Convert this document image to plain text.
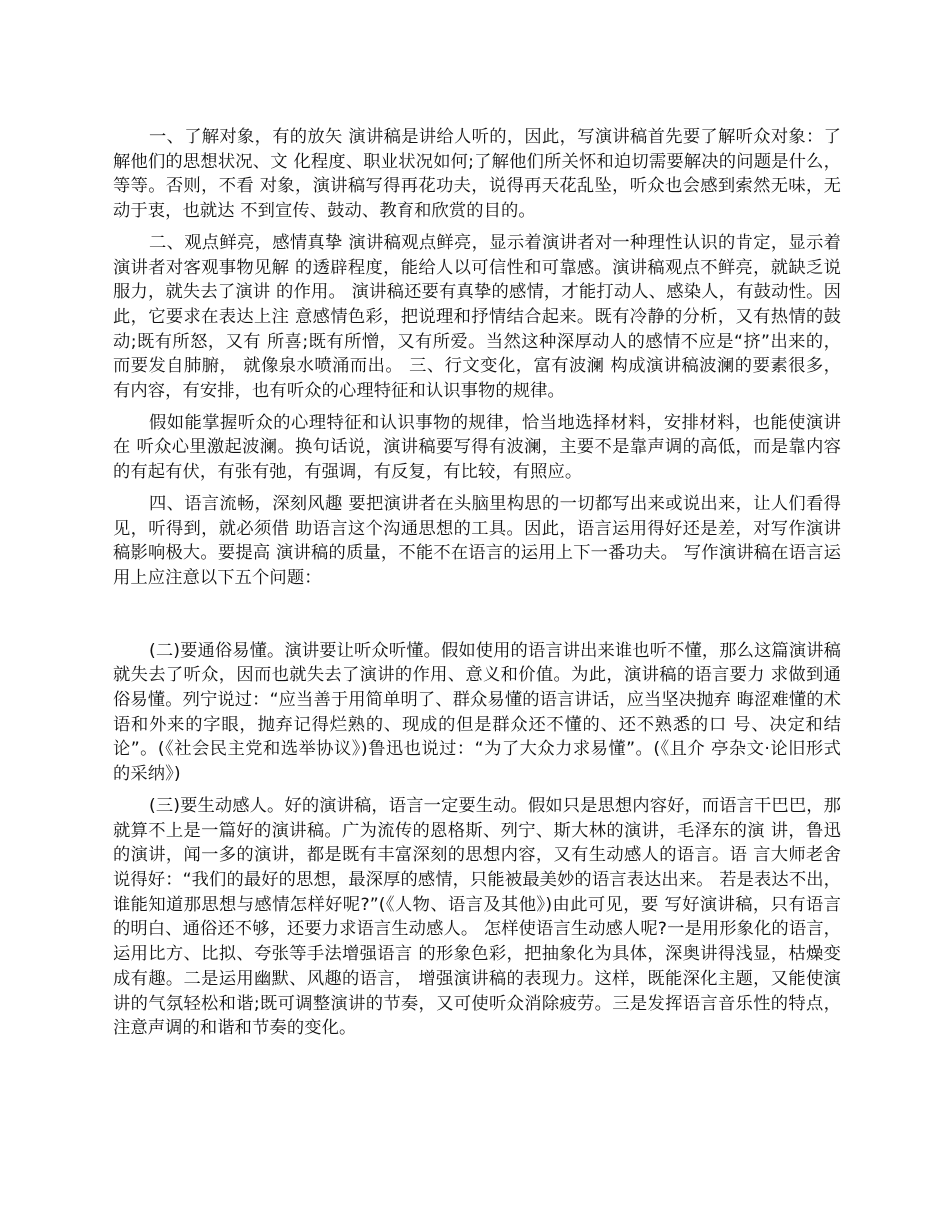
一、了解对象，有的放矢 演讲稿是讲给人听的，因此，写演讲稿首先要了解听众对象：了解他们的思想状况、文 化程度、职业状况如何;了解他们所关怀和迫切需要解决的问题是什么，等等。否则，不看 对象，演讲稿写得再花功夫，说得再天花乱坠，听众也会感到索然无味，无动于衷，也就达 不到宣传、鼓动、教育和欣赏的目的。

二、观点鲜亮，感情真挚 演讲稿观点鲜亮，显示着演讲者对一种理性认识的肯定，显示着演讲者对客观事物见解 的透辟程度，能给人以可信性和可靠感。演讲稿观点不鲜亮，就缺乏说服力，就失去了演讲 的作用。 演讲稿还要有真挚的感情，才能打动人、感染人，有鼓动性。因此，它要求在表达上注 意感情色彩，把说理和抒情结合起来。既有冷静的分析，又有热情的鼓动;既有所怒，又有 所喜;既有所憎，又有所爱。当然这种深厚动人的感情不应是“挤”出来的，而要发自肺腑， 就像泉水喷涌而出。 三、行文变化，富有波澜 构成演讲稿波澜的要素很多，有内容，有安排，也有听众的心理特征和认识事物的规律。

假如能掌握听众的心理特征和认识事物的规律，恰当地选择材料，安排材料，也能使演讲在 听众心里激起波澜。换句话说，演讲稿要写得有波澜，主要不是靠声调的高低，而是靠内容 的有起有伏，有张有弛，有强调，有反复，有比较，有照应。

四、语言流畅，深刻风趣 要把演讲者在头脑里构思的一切都写出来或说出来，让人们看得见，听得到，就必须借 助语言这个沟通思想的工具。因此，语言运用得好还是差，对写作演讲稿影响极大。要提高 演讲稿的质量，不能不在语言的运用上下一番功夫。 写作演讲稿在语言运用上应注意以下五个问题：

(二)要通俗易懂。演讲要让听众听懂。假如使用的语言讲出来谁也听不懂，那么这篇演讲稿就失去了听众，因而也就失去了演讲的作用、意义和价值。为此，演讲稿的语言要力 求做到通俗易懂。列宁说过：“应当善于用简单明了、群众易懂的语言讲话，应当坚决抛弃 晦涩难懂的术语和外来的字眼，抛弃记得烂熟的、现成的但是群众还不懂的、还不熟悉的口 号、决定和结论”。(《社会民主党和选举协议》)鲁迅也说过：“为了大众力求易懂”。(《且介 亭杂文·论旧形式的采纳》)

(三)要生动感人。好的演讲稿，语言一定要生动。假如只是思想内容好，而语言干巴巴，那就算不上是一篇好的演讲稿。广为流传的恩格斯、列宁、斯大林的演讲，毛泽东的演 讲，鲁迅的演讲，闻一多的演讲，都是既有丰富深刻的思想内容，又有生动感人的语言。语 言大师老舍说得好：“我们的最好的思想，最深厚的感情，只能被最美妙的语言表达出来。 若是表达不出，谁能知道那思想与感情怎样好呢?”(《人物、语言及其他》)由此可见，要 写好演讲稿，只有语言的明白、通俗还不够，还要力求语言生动感人。 怎样使语言生动感人呢?一是用形象化的语言，运用比方、比拟、夸张等手法增强语言 的形象色彩，把抽象化为具体，深奥讲得浅显，枯燥变成有趣。二是运用幽默、风趣的语言， 增强演讲稿的表现力。这样，既能深化主题，又能使演讲的气氛轻松和谐;既可调整演讲的节奏，又可使听众消除疲劳。三是发挥语言音乐性的特点，注意声调的和谐和节奏的变化。
